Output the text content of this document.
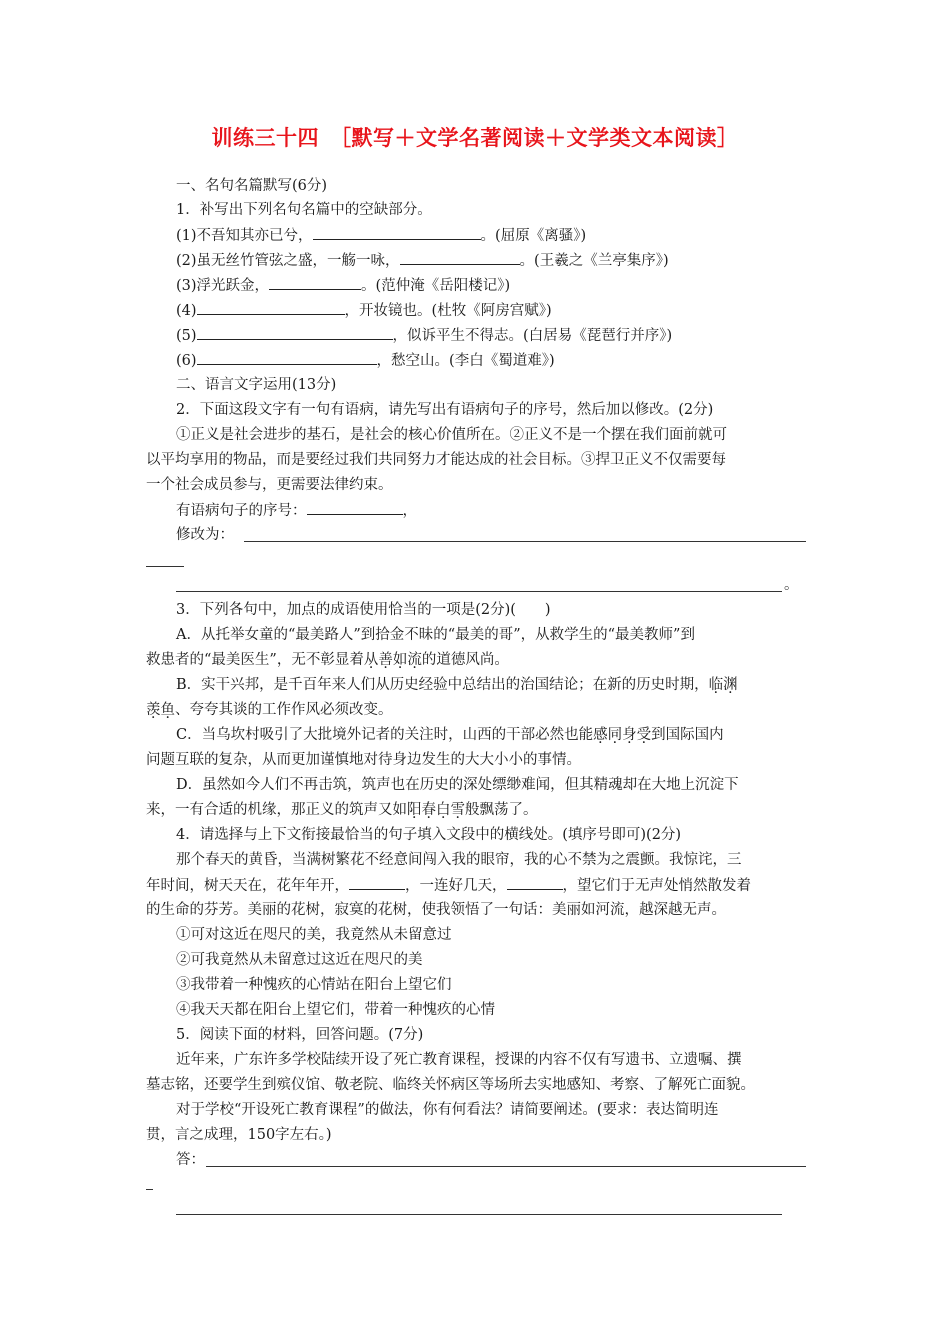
训练三十四　［默写＋文学名著阅读＋文学类文本阅读］
一、名句名篇默写(6分)
1．补写出下列名句名篇中的空缺部分。
(1)不吾知其亦已兮，	。(屈原《离骚》)
(2)虽无丝竹管弦之盛，一觞一咏，	。(王羲之《兰亭集序》)
(3)浮光跃金，	。(范仲淹《岳阳楼记》)
(4)	，开妆镜也。(杜牧《阿房宫赋》)
(5)	，似诉平生不得志。(白居易《琵琶行并序》)
(6)	，愁空山。(李白《蜀道难》)
二、语言文字运用(13分)
2．下面这段文字有一句有语病，请先写出有语病句子的序号，然后加以修改。(2分)
①正义是社会进步的基石，是社会的核心价值所在。②正义不是一个摆在我们面前就可
以平均享用的物品，而是要经过我们共同努力才能达成的社会目标。③捍卫正义不仅需要每
一个社会成员参与，更需要法律约束。
有语病句子的序号：	，
修改为：
。
3．下列各句中，加点的成语使用恰当的一项是(2分)(　　)
A．从托举女童的“最美路人”到拾金不昧的“最美的哥”，从救学生的“最美教师”到
救患者的“最美医生”，无不彰显着从善如流的道德风尚。
B．实干兴邦，是千百年来人们从历史经验中总结出的治国结论；在新的历史时期，临渊
羡鱼、夸夸其谈的工作作风必须改变。
C．当乌坎村吸引了大批境外记者的关注时，山西的干部必然也能感同身受到国际国内
问题互联的复杂，从而更加谨慎地对待身边发生的大大小小的事情。
D．虽然如今人们不再击筑，筑声也在历史的深处缥缈难闻，但其精魂却在大地上沉淀下
来，一有合适的机缘，那正义的筑声又如阳春白雪般飘荡了。
4．请选择与上下文衔接最恰当的句子填入文段中的横线处。(填序号即可)(2分)
那个春天的黄昏，当满树繁花不经意间闯入我的眼帘，我的心不禁为之震颤。我惊诧，三
年时间，树天天在，花年年开，	，一连好几天，	，望它们于无声处悄然散发着
的生命的芬芳。美丽的花树，寂寞的花树，使我领悟了一句话：美丽如河流，越深越无声。
①可对这近在咫尺的美，我竟然从未留意过
②可我竟然从未留意过这近在咫尺的美
③我带着一种愧疚的心情站在阳台上望它们
④我天天都在阳台上望它们，带着一种愧疚的心情
5．阅读下面的材料，回答问题。(7分)
近年来，广东许多学校陆续开设了死亡教育课程，授课的内容不仅有写遗书、立遗嘱、撰
墓志铭，还要学生到殡仪馆、敬老院、临终关怀病区等场所去实地感知、考察、了解死亡面貌。
对于学校“开设死亡教育课程”的做法，你有何看法？请简要阐述。(要求：表达简明连
贯，言之成理，150字左右。)
答：
